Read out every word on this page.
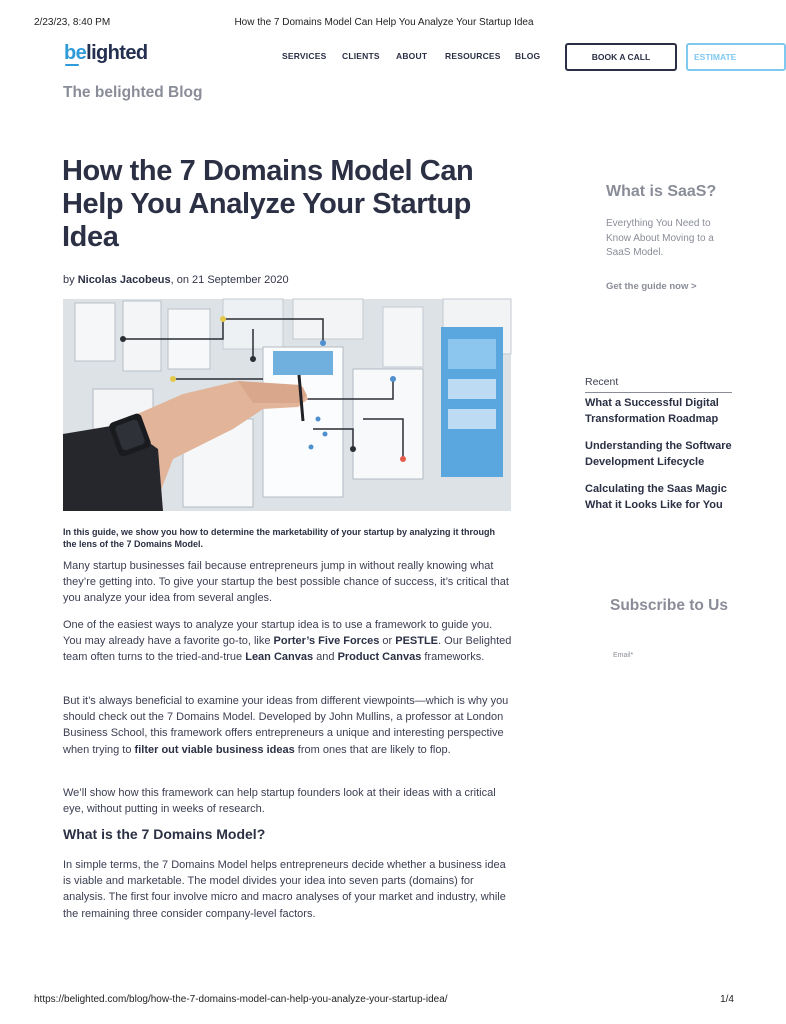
2/23/23, 8:40 PM	How the 7 Domains Model Can Help You Analyze Your Startup Idea
belighted	SERVICES CLIENTS ABOUT RESOURCES BLOG	BOOK A CALL	ESTIMATE
The belighted Blog
How the 7 Domains Model Can Help You Analyze Your Startup Idea
by Nicolas Jacobeus, on 21 September 2020
In this guide, we show you how to determine the marketability of your startup by analyzing it through the lens of the 7 Domains Model.

Many startup businesses fail because entrepreneurs jump in without really knowing what they’re getting into. To give your startup the best possible chance of success, it’s critical that you analyze your idea from several angles.

One of the easiest ways to analyze your startup idea is to use a framework to guide you. You may already have a favorite go-to, like Porter’s Five Forces or PESTLE. Our Belighted team often turns to the tried-and-true Lean Canvas and Product Canvas frameworks.

But it’s always beneficial to examine your ideas from different viewpoints—which is why you should check out the 7 Domains Model. Developed by John Mullins, a professor at London Business School, this framework offers entrepreneurs a unique and interesting perspective when trying to filter out viable business ideas from ones that are likely to flop.

We’ll show how this framework can help startup founders look at their ideas with a critical eye, without putting in weeks of research.

What is the 7 Domains Model?

In simple terms, the 7 Domains Model helps entrepreneurs decide whether a business idea is viable and marketable. The model divides your idea into seven parts (domains) for analysis. The first four involve micro and macro analyses of your market and industry, while the remaining three consider company-level factors.

What is SaaS?
Everything You Need to Know About Moving to a SaaS Model.
Get the guide now >
Recent
What a Successful Digital Transformation Roadmap
Understanding the Software Development Lifecycle
Calculating the Saas Magic What it Looks Like for You
Subscribe to Us
Email*
https://belighted.com/blog/how-the-7-domains-model-can-help-you-analyze-your-startup-idea/	1/4
